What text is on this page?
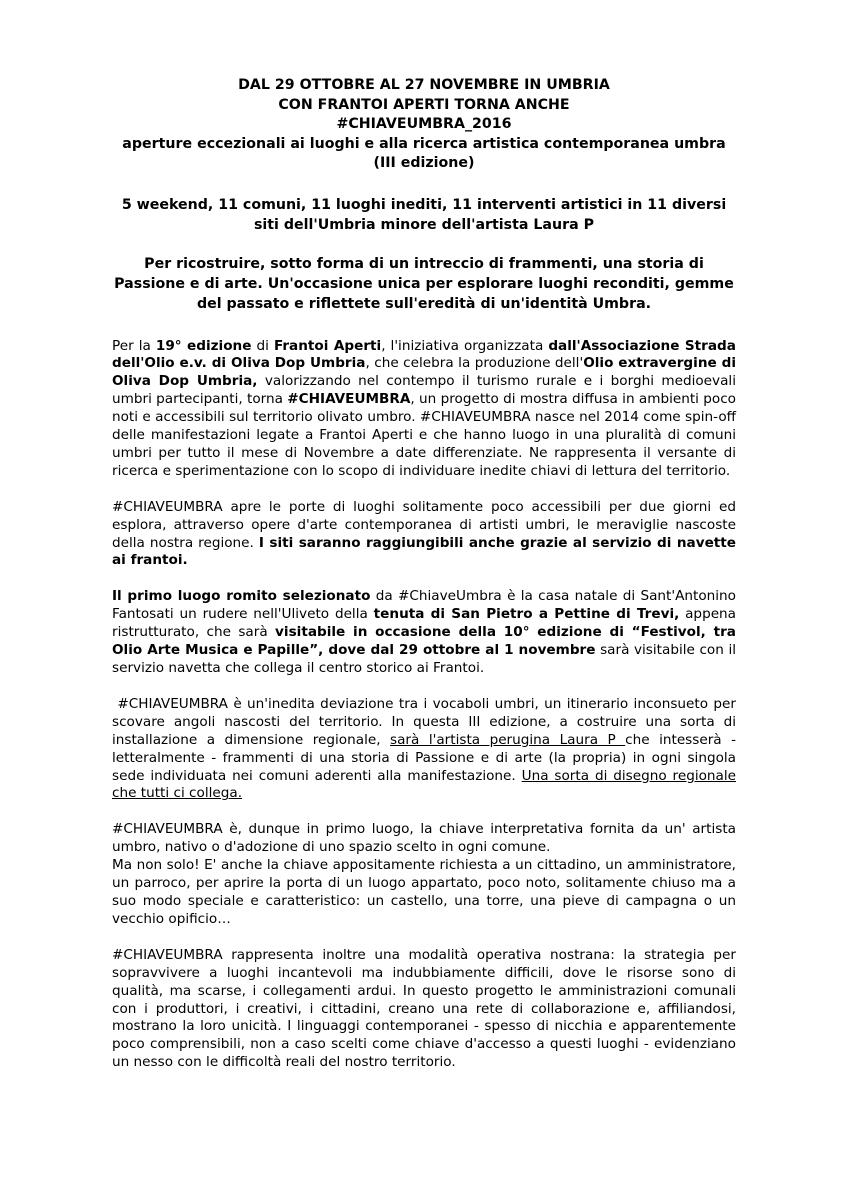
DAL 29 OTTOBRE AL 27 NOVEMBRE IN UMBRIA
CON FRANTOI APERTI TORNA ANCHE
#CHIAVEUMBRA_2016
aperture eccezionali ai luoghi e alla ricerca artistica contemporanea umbra
(III edizione)
5 weekend, 11 comuni, 11 luoghi inediti, 11 interventi artistici in 11 diversi siti dell'Umbria minore dell'artista Laura P
Per ricostruire, sotto forma di un intreccio di frammenti, una storia di Passione e di arte. Un'occasione unica per esplorare luoghi reconditi, gemme del passato e riflettete sull'eredità di un'identità Umbra.

Per la 19° edizione di Frantoi Aperti, l'iniziativa organizzata dall'Associazione Strada dell'Olio e.v. di Oliva Dop Umbria, che celebra la produzione dell'Olio extravergine di Oliva Dop Umbria, valorizzando nel contempo il turismo rurale e i borghi medioevali umbri partecipanti, torna #CHIAVEUMBRA, un progetto di mostra diffusa in ambienti poco noti e accessibili sul territorio olivato umbro. #CHIAVEUMBRA nasce nel 2014 come spin-off delle manifestazioni legate a Frantoi Aperti e che hanno luogo in una pluralità di comuni umbri per tutto il mese di Novembre a date differenziate. Ne rappresenta il versante di ricerca e sperimentazione con lo scopo di individuare inedite chiavi di lettura del territorio.

#CHIAVEUMBRA apre le porte di luoghi solitamente poco accessibili per due giorni ed esplora, attraverso opere d'arte contemporanea di artisti umbri, le meraviglie nascoste della nostra regione. I siti saranno raggiungibili anche grazie al servizio di navette ai frantoi.

Il primo luogo romito selezionato da #ChiaveUmbra è la casa natale di Sant'Antonino Fantosati un rudere nell'Uliveto della tenuta di San Pietro a Pettine di Trevi, appena ristrutturato, che sarà visitabile in occasione della 10° edizione di “Festivol, tra Olio Arte Musica e Papille”, dove dal 29 ottobre al 1 novembre sarà visitabile con il servizio navetta che collega il centro storico ai Frantoi.

#CHIAVEUMBRA è un'inedita deviazione tra i vocaboli umbri, un itinerario inconsueto per scovare angoli nascosti del territorio. In questa III edizione, a costruire una sorta di installazione a dimensione regionale, sarà l'artista perugina Laura P che intesserà - letteralmente - frammenti di una storia di Passione e di arte (la propria) in ogni singola sede individuata nei comuni aderenti alla manifestazione. Una sorta di disegno regionale che tutti ci collega.

#CHIAVEUMBRA è, dunque in primo luogo, la chiave interpretativa fornita da un' artista umbro, nativo o d'adozione di uno spazio scelto in ogni comune.
Ma non solo! E' anche la chiave appositamente richiesta a un cittadino, un amministratore, un parroco, per aprire la porta di un luogo appartato, poco noto, solitamente chiuso ma a suo modo speciale e caratteristico: un castello, una torre, una pieve di campagna o un vecchio opificio…

#CHIAVEUMBRA rappresenta inoltre una modalità operativa nostrana: la strategia per sopravvivere a luoghi incantevoli ma indubbiamente difficili, dove le risorse sono di qualità, ma scarse, i collegamenti ardui. In questo progetto le amministrazioni comunali con i produttori, i creativi, i cittadini, creano una rete di collaborazione e, affiliandosi, mostrano la loro unicità. I linguaggi contemporanei - spesso di nicchia e apparentemente poco comprensibili, non a caso scelti come chiave d'accesso a questi luoghi - evidenziano un nesso con le difficoltà reali del nostro territorio.
